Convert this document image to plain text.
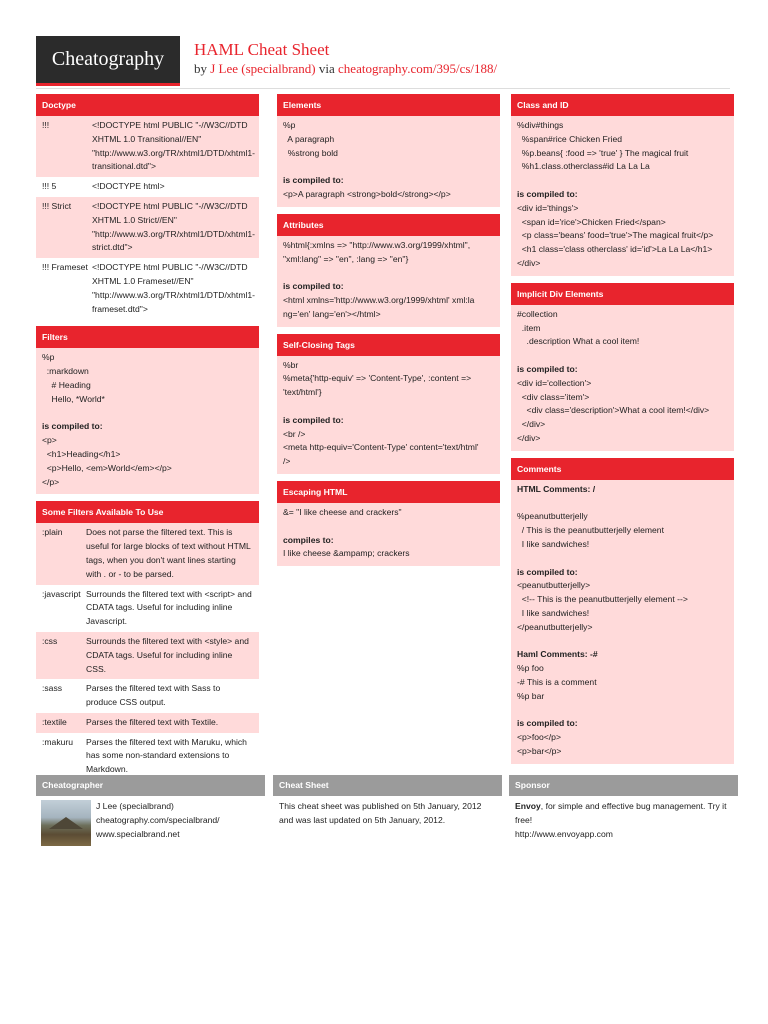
Cheatography	HAML Cheat Sheet
by J Lee (specialbrand) via cheatography.com/395/cs/188/
Doctype
!!!	<!DOCTYPE html PUBLIC "-//W3C//DTD XHTML 1.0 Transitional//EN" "http://www.w3.org/TR/xhtml1/DTD/xhtml1-transitional.dtd">
!!! 5	<!DOCTYPE html>
!!! Strict	<!DOCTYPE html PUBLIC "-//W3C//DTD XHTML 1.0 Strict//EN" "http://www.w3.org/TR/xhtml1/DTD/xhtml1-strict.dtd">
!!! Frameset <!DOCTYPE html PUBLIC "-//W3C//DTD XHTML 1.0 Frameset//EN" "http://www.w3.org/TR/xhtml1/DTD/xhtml1-frameset.dtd">
Filters
%p
:markdown
# Heading
Hello, *World*
is compiled to:
<p>
<h1>Heading</h1>
<p>Hello, <em>World</em></p>
</p>
Some Filters Available To Use
:plain	Does not parse the filtered text. This is useful for large blocks of text without HTML tags, when you don't want lines starting with . or - to be parsed.
:javascript Surrounds the filtered text with <script> and CDATA tags. Useful for including inline Javascript.
:css	Surrounds the filtered text with <style> and CDATA tags. Useful for including inline CSS.
:sass	Parses the filtered text with Sass to produce CSS output.
:textile	Parses the filtered text with Textile.
:makuru	Parses the filtered text with Maruku, which has some non-standard extensions to Markdown.
Elements
%p
A paragraph
%strong bold
is compiled to:
<p>A paragraph <strong>bold</strong></p>
Attributes
%html{:xmlns => "http://www.w3.org/1999/xhtml",
"xml:lang" => "en", :lang => "en"}
is compiled to:
<html xmlns='http://www.w3.org/1999/xhtml' xml:la
ng='en' lang='en'></html>
Self-Closing Tags
%br
%meta{'http-equiv' => 'Content-Type', :content =>
'text/html'}
is compiled to:
<br />
<meta http-equiv='Content-Type' content='text/html'
/>
Escaping HTML
&= "I like cheese and crackers"
compiles to:
I like cheese &ampamp; crackers
Class and ID
%div#things
%span#rice Chicken Fried
%p.beans{ :food => 'true' } The magical fruit
%h1.class.otherclass#id La La La
is compiled to:
<div id='things'>
<span id='rice'>Chicken Fried</span>
<p class='beans' food='true'>The magical fruit</p>
<h1 class='class otherclass' id='id'>La La La</h1>
</div>
Implicit Div Elements
#collection
.item
.description What a cool item!
is compiled to:
<div id='collection'>
<div class='item'>
<div class='description'>What a cool item!</div>
</div>
</div>
Comments
HTML Comments: /
%peanutbutterjelly
/ This is the peanutbutterjelly element
I like sandwiches!
is compiled to:
<peanutbutterjelly>
<!-- This is the peanutbutterjelly element -->
I like sandwiches!
</peanutbutterjelly>
Haml Comments: -#
%p foo
-# This is a comment
%p bar
is compiled to:
<p>foo</p>
<p>bar</p>
Cheatographer
J Lee (specialbrand)
cheatography.com/specialbrand/
www.specialbrand.net
Cheat Sheet
This cheat sheet was published on 5th January, 2012 and was last updated on 5th January, 2012.
Sponsor
Envoy, for simple and effective bug management. Try it free!
http://www.envoyapp.com
